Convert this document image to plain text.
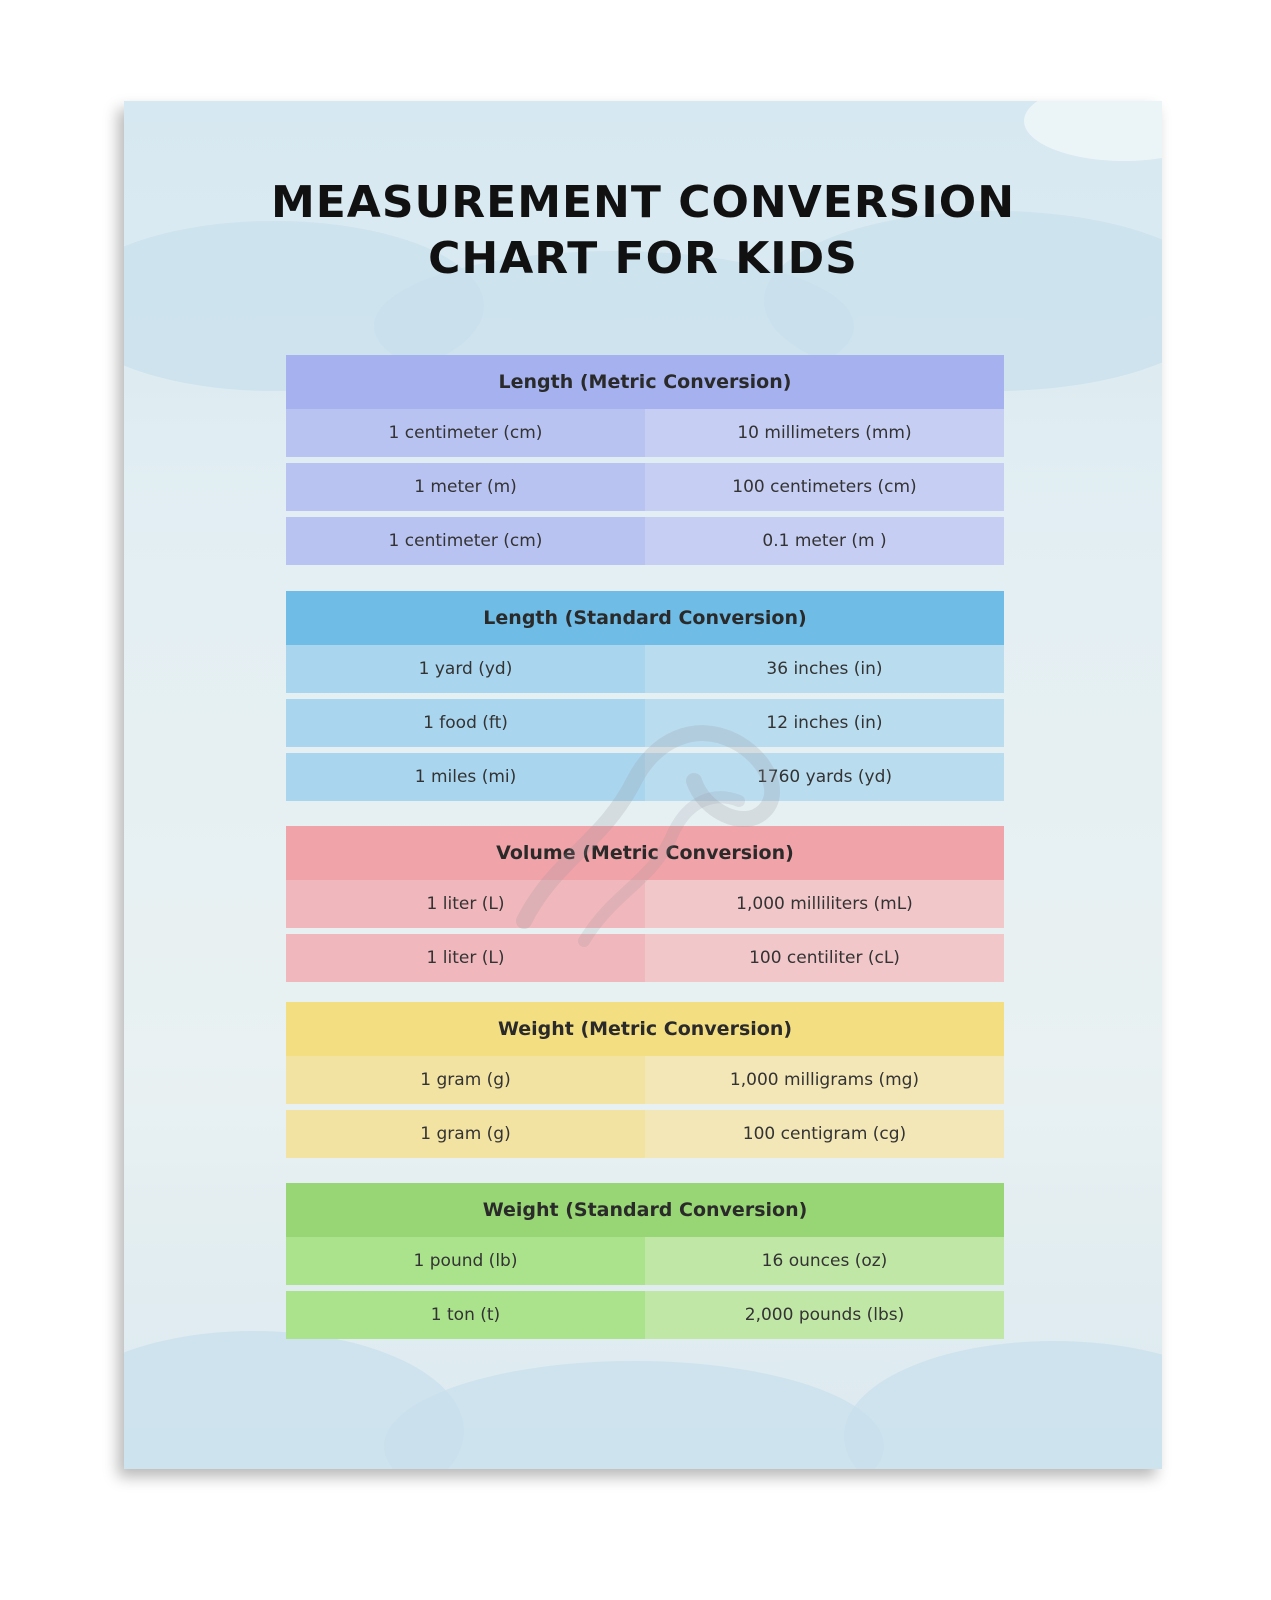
MEASUREMENT CONVERSION
CHART FOR KIDS
Length (Metric Conversion)
1 centimeter (cm)	10 millimeters (mm)
1 meter (m)	100 centimeters (cm)
1 centimeter (cm)	0.1 meter (m )
Length (Standard Conversion)
1 yard (yd)	36 inches (in)
1 food (ft)	12 inches (in)
1 miles (mi)	1760 yards (yd)
Volume (Metric Conversion)
1 liter (L)	1,000 milliliters (mL)
1 liter (L)	100 centiliter (cL)
Weight (Metric Conversion)
1 gram (g)	1,000 milligrams (mg)
1 gram (g)	100 centigram (cg)
Weight (Standard Conversion)
1 pound (lb)	16 ounces (oz)
1 ton (t)	2,000 pounds (lbs)
